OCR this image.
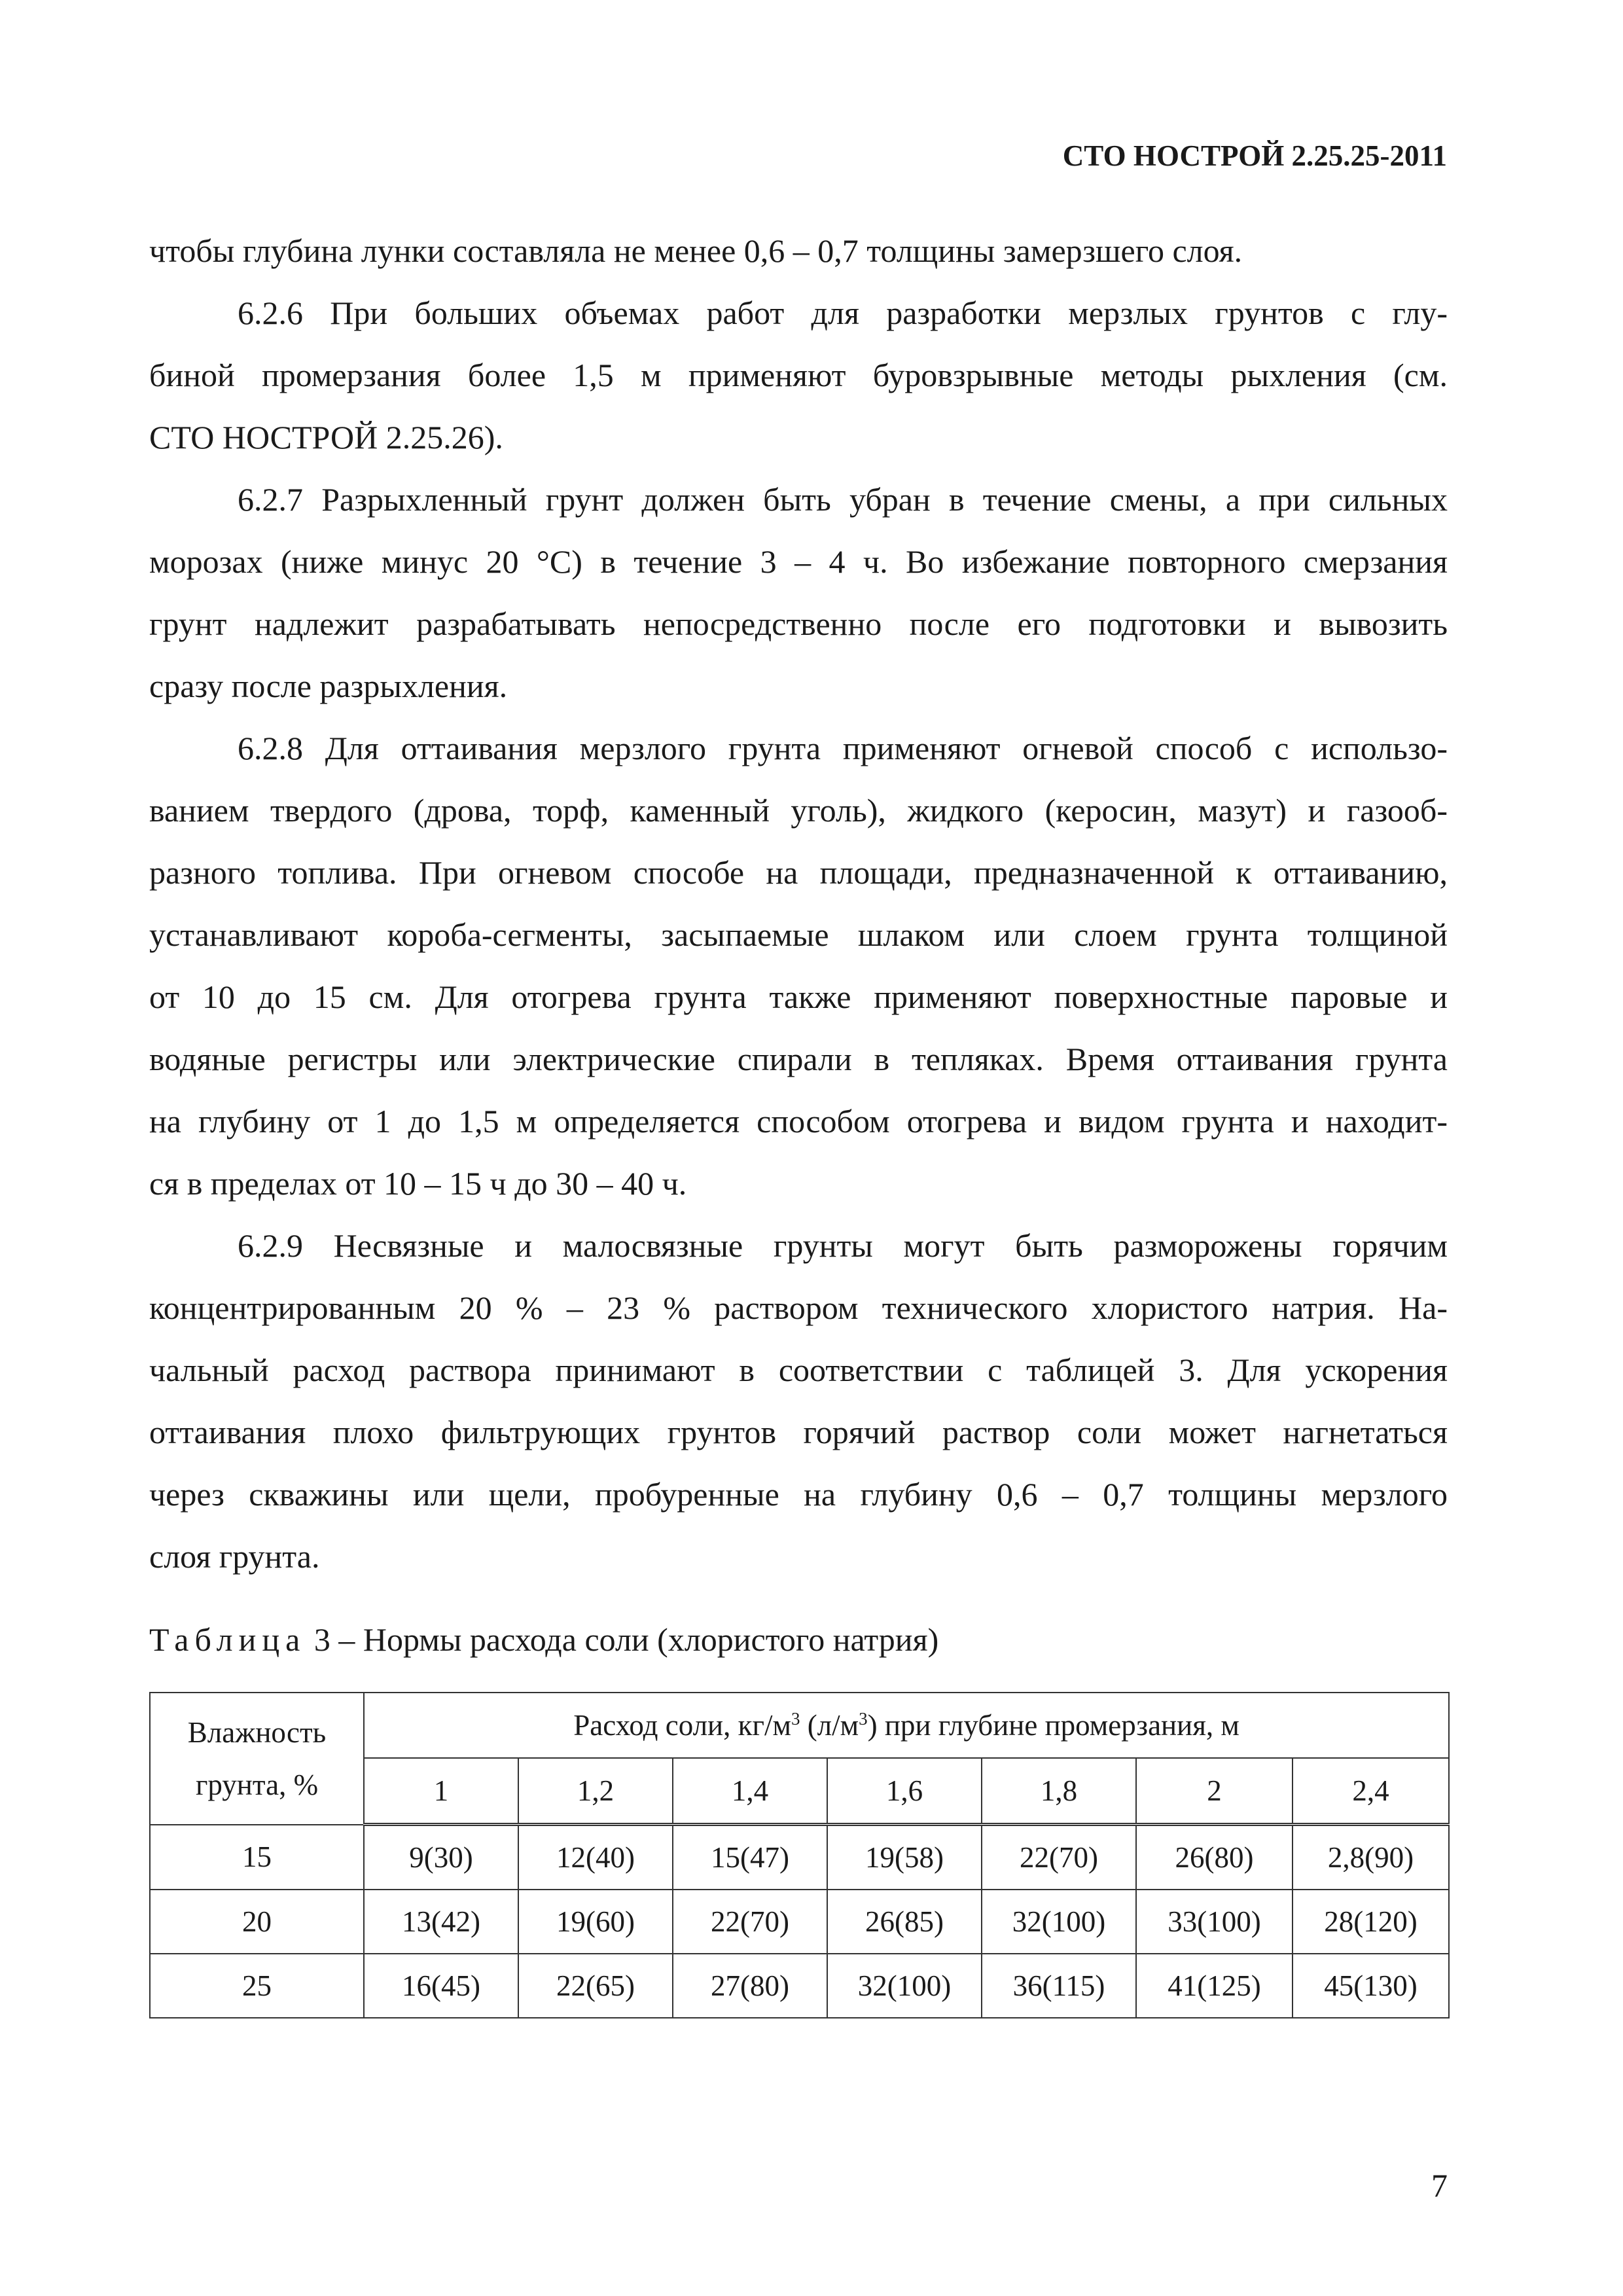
СТО НОСТРОЙ 2.25.25-2011
чтобы глубина лунки составляла не менее 0,6 – 0,7 толщины замерзшего слоя.
6.2.6 При больших объемах работ для разработки мерзлых грунтов с глу-
биной промерзания более 1,5 м применяют буровзрывные методы рыхления (см.
СТО НОСТРОЙ 2.25.26).
6.2.7 Разрыхленный грунт должен быть убран в течение смены, а при сильных
морозах (ниже минус 20 °С) в течение 3 – 4 ч. Во избежание повторного смерзания
грунт надлежит разрабатывать непосредственно после его подготовки и вывозить
сразу после разрыхления.
6.2.8 Для оттаивания мерзлого грунта применяют огневой способ с использо-
ванием твердого (дрова, торф, каменный уголь), жидкого (керосин, мазут) и газооб-
разного топлива. При огневом способе на площади, предназначенной к оттаиванию,
устанавливают короба-сегменты, засыпаемые шлаком или слоем грунта толщиной
от 10 до 15 см. Для отогрева грунта также применяют поверхностные паровые и
водяные регистры или электрические спирали в тепляках. Время оттаивания грунта
на глубину от 1 до 1,5 м определяется способом отогрева и видом грунта и находит-
ся в пределах от 10 – 15 ч до 30 – 40 ч.
6.2.9 Несвязные и малосвязные грунты могут быть разморожены горячим
концентрированным 20 % – 23 % раствором технического хлористого натрия. На-
чальный расход раствора принимают в соответствии с таблицей 3. Для ускорения
оттаивания плохо фильтрующих грунтов горячий раствор соли может нагнетаться
через скважины или щели, пробуренные на глубину 0,6 – 0,7 толщины мерзлого
слоя грунта.
Таблица 3 – Нормы расхода соли (хлористого натрия)
Влажность
грунта, %	Расход соли, $кг/м^3$ $(л/м^3)$ при глубине промерзания, м						
	1	1,2	1,4	1,6	1,8	2	2,4
15	9(30)	12(40)	15(47)	19(58)	22(70)	26(80)	2,8(90)
20	13(42)	19(60)	22(70)	26(85)	32(100)	33(100)	28(120)
25	16(45)	22(65)	27(80)	32(100)	36(115)	41(125)	45(130)
7
